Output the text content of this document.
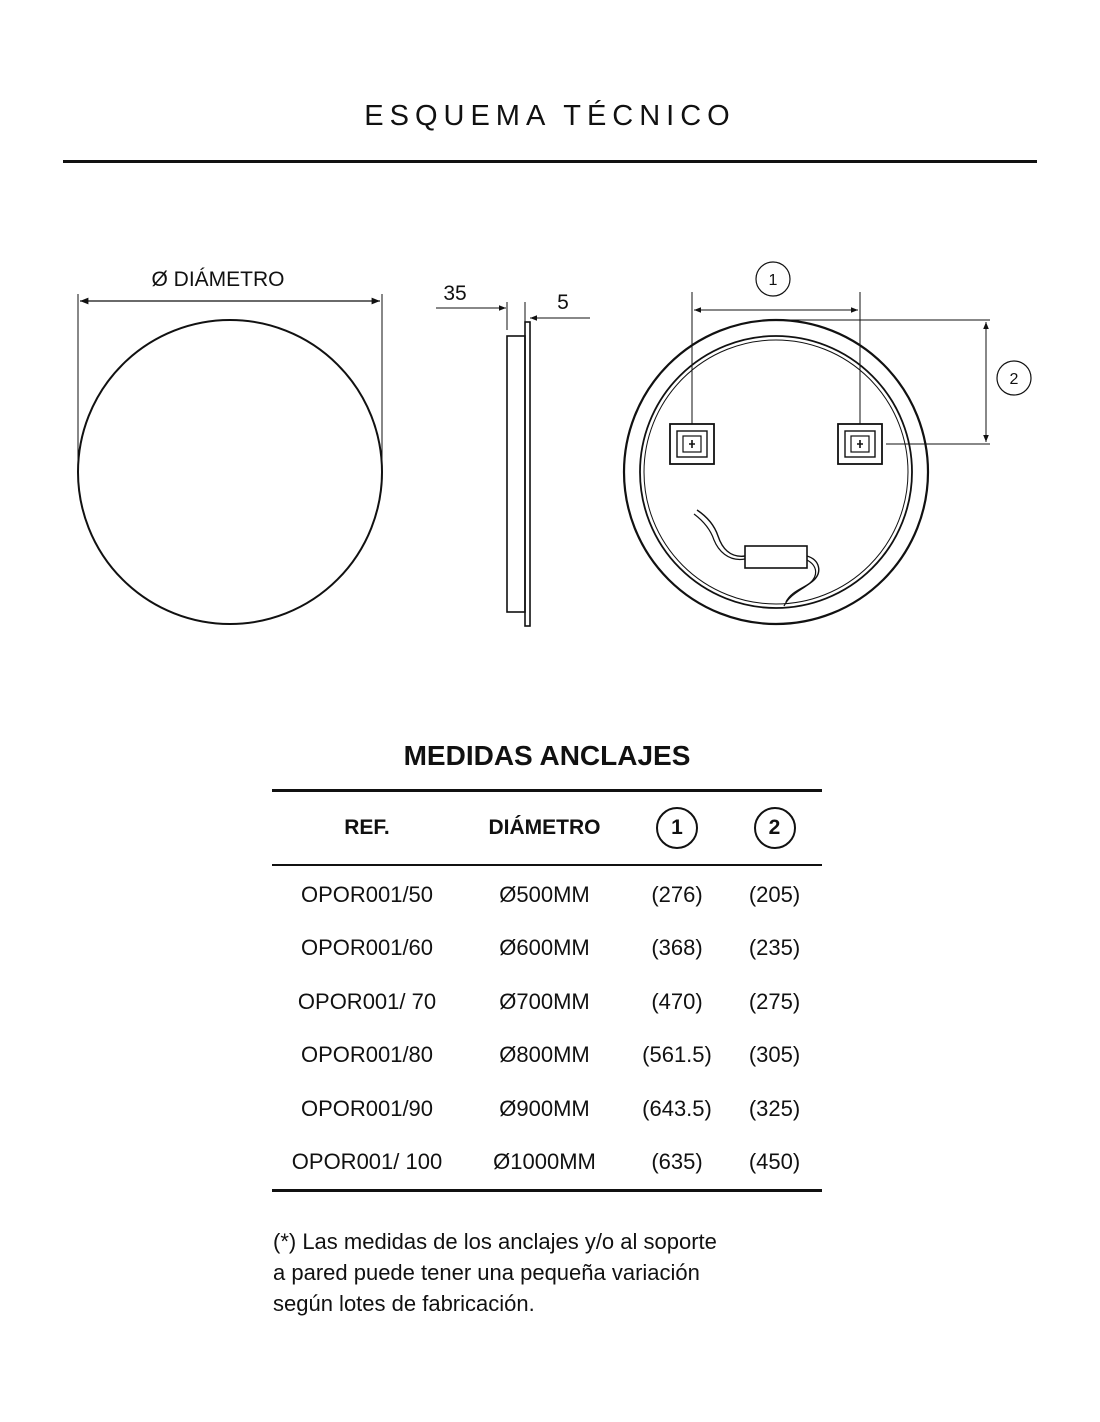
ESQUEMA TÉCNICO
Ø DIÁMETRO
35	5
1
2
MEDIDAS ANCLAJES
REF.	DIÁMETRO	1	2
OPOR001/50	Ø500MM	(276)	(205)
OPOR001/60	Ø600MM	(368)	(235)
OPOR001/ 70	Ø700MM	(470)	(275)
OPOR001/80	Ø800MM	(561.5)	(305)
OPOR001/90	Ø900MM	(643.5)	(325)
OPOR001/ 100	Ø1000MM	(635)	(450)
(*) Las medidas de los anclajes y/o al soporte
a pared puede tener una pequeña variación
según lotes de fabricación.
